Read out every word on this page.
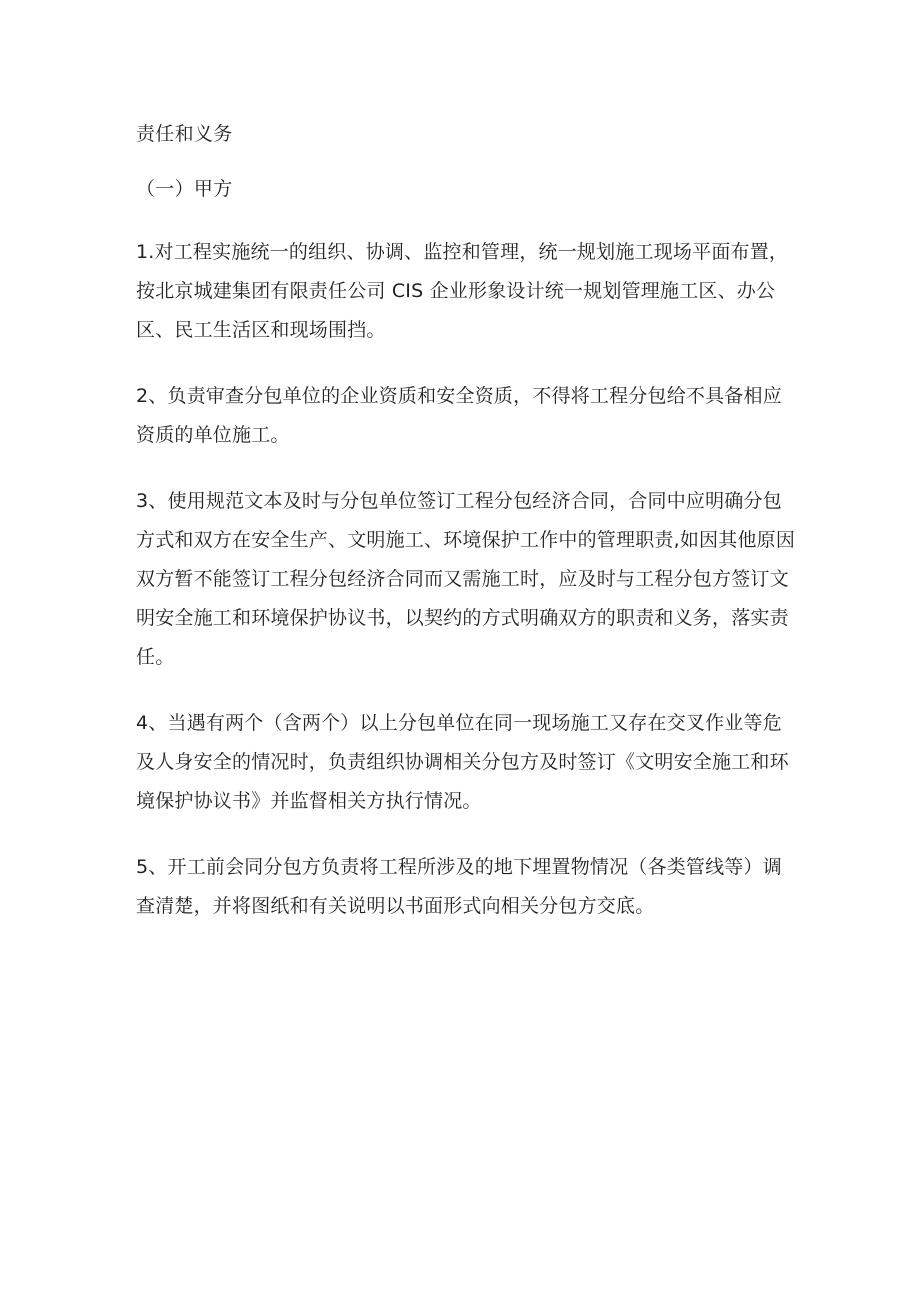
责任和义务
（一）甲方

1.对工程实施统一的组织、协调、监控和管理，统一规划施工现场平面布置，按北京城建集团有限责任公司 CIS 企业形象设计统一规划管理施工区、办公区、民工生活区和现场围挡。

2、负责审查分包单位的企业资质和安全资质，不得将工程分包给不具备相应资质的单位施工。

3、使用规范文本及时与分包单位签订工程分包经济合同，合同中应明确分包方式和双方在安全生产、文明施工、环境保护工作中的管理职责,如因其他原因双方暂不能签订工程分包经济合同而又需施工时，应及时与工程分包方签订文明安全施工和环境保护协议书，以契约的方式明确双方的职责和义务，落实责任。

4、当遇有两个（含两个）以上分包单位在同一现场施工又存在交叉作业等危及人身安全的情况时，负责组织协调相关分包方及时签订《文明安全施工和环境保护协议书》并监督相关方执行情况。

5、开工前会同分包方负责将工程所涉及的地下埋置物情况（各类管线等）调查清楚，并将图纸和有关说明以书面形式向相关分包方交底。
